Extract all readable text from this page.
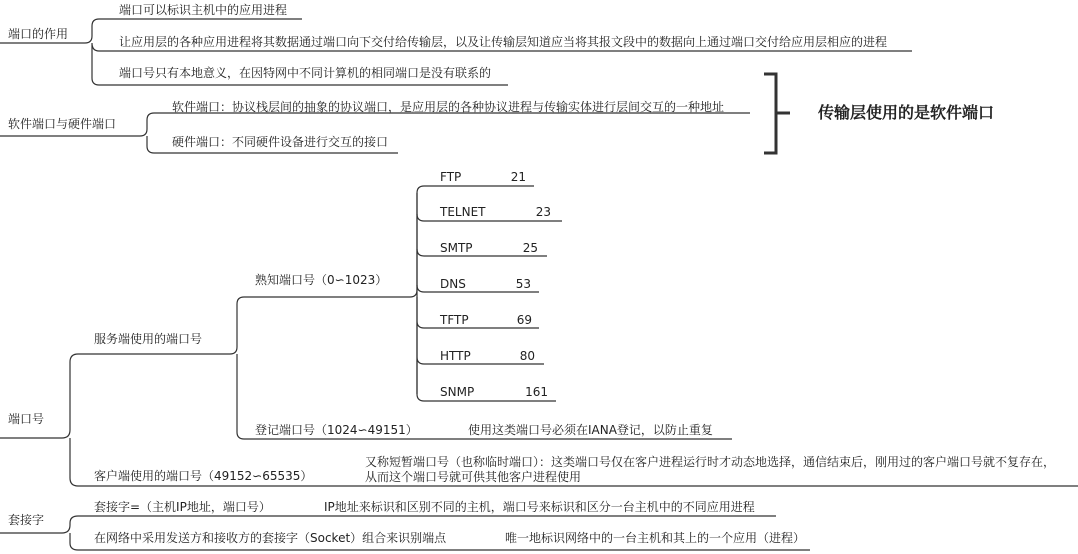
端口的作用
端口可以标识主机中的应用进程
让应用层的各种应用进程将其数据通过端口向下交付给传输层，以及让传输层知道应当将其报文段中的数据向上通过端口交付给应用层相应的进程
端口号只有本地意义，在因特网中不同计算机的相同端口是没有联系的
软件端口与硬件端口
软件端口：协议栈层间的抽象的协议端口，是应用层的各种协议进程与传输实体进行层间交互的一种地址
硬件端口：不同硬件设备进行交互的接口
传输层使用的是软件端口
端口号
服务端使用的端口号
熟知端口号（0∽1023）
登记端口号（1024∽49151）	使用这类端口号必须在IANA登记，以防止重复
客户端使用的端口号（49152∽65535）
又称短暂端口号（也称临时端口）：这类端口号仅在客户进程运行时才动态地选择，通信结束后，刚用过的客户端口号就不复存在，
从而这个端口号就可供其他客户进程使用
FTP	21
TELNET	23
SMTP	25
DNS	53
TFTP	69
HTTP	80
SNMP	161
套接字
套接字=（主机IP地址，端口号）	IP地址来标识和区别不同的主机，端口号来标识和区分一台主机中的不同应用进程
在网络中采用发送方和接收方的套接字（Socket）组合来识别端点	唯一地标识网络中的一台主机和其上的一个应用（进程）
